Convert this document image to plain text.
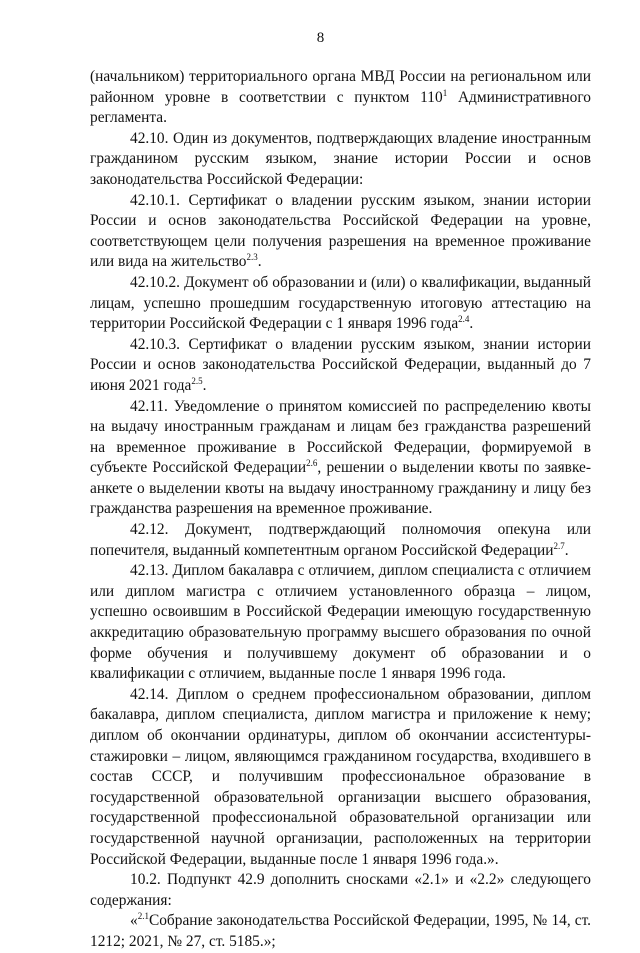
8

(начальником) территориального органа МВД России на региональном или районном уровне в соответствии с пунктом $110^1$ Административного регламента.

42.10. Один из документов, подтверждающих владение иностранным гражданином русским языком, знание истории России и основ законодательства Российской Федерации:

42.10.1. Сертификат о владении русским языком, знании истории России и основ законодательства Российской Федерации на уровне, соответствующем цели получения разрешения на временное проживание или вида на жительство$^{2.3}$.

42.10.2. Документ об образовании и (или) о квалификации, выданный лицам, успешно прошедшим государственную итоговую аттестацию на территории Российской Федерации с 1 января 1996 года$^{2.4}$.

42.10.3. Сертификат о владении русским языком, знании истории России и основ законодательства Российской Федерации, выданный до 7 июня 2021 года$^{2.5}$.

42.11. Уведомление о принятом комиссией по распределению квоты на выдачу иностранным гражданам и лицам без гражданства разрешений на временное проживание в Российской Федерации, формируемой в субъекте Российской Федерации$^{2.6}$, решении о выделении квоты по заявке-анкете о выделении квоты на выдачу иностранному гражданину и лицу без гражданства разрешения на временное проживание.

42.12. Документ, подтверждающий полномочия опекуна или попечителя, выданный компетентным органом Российской Федерации$^{2.7}$.

42.13. Диплом бакалавра с отличием, диплом специалиста с отличием или диплом магистра с отличием установленного образца – лицом, успешно освоившим в Российской Федерации имеющую государственную аккредитацию образовательную программу высшего образования по очной форме обучения и получившему документ об образовании и о квалификации с отличием, выданные после 1 января 1996 года.

42.14. Диплом о среднем профессиональном образовании, диплом бакалавра, диплом специалиста, диплом магистра и приложение к нему; диплом об окончании ординатуры, диплом об окончании ассистентуры-стажировки – лицом, являющимся гражданином государства, входившего в состав СССР, и получившим профессиональное образование в государственной образовательной организации высшего образования, государственной профессиональной образовательной организации или государственной научной организации, расположенных на территории Российской Федерации, выданные после 1 января 1996 года.».

10.2. Подпункт 42.9 дополнить сносками «2.1» и «2.2» следующего содержания:

«$^{2.1}$Собрание законодательства Российской Федерации, 1995, № 14, ст. 1212; 2021, № 27, ст. 5185.»;
